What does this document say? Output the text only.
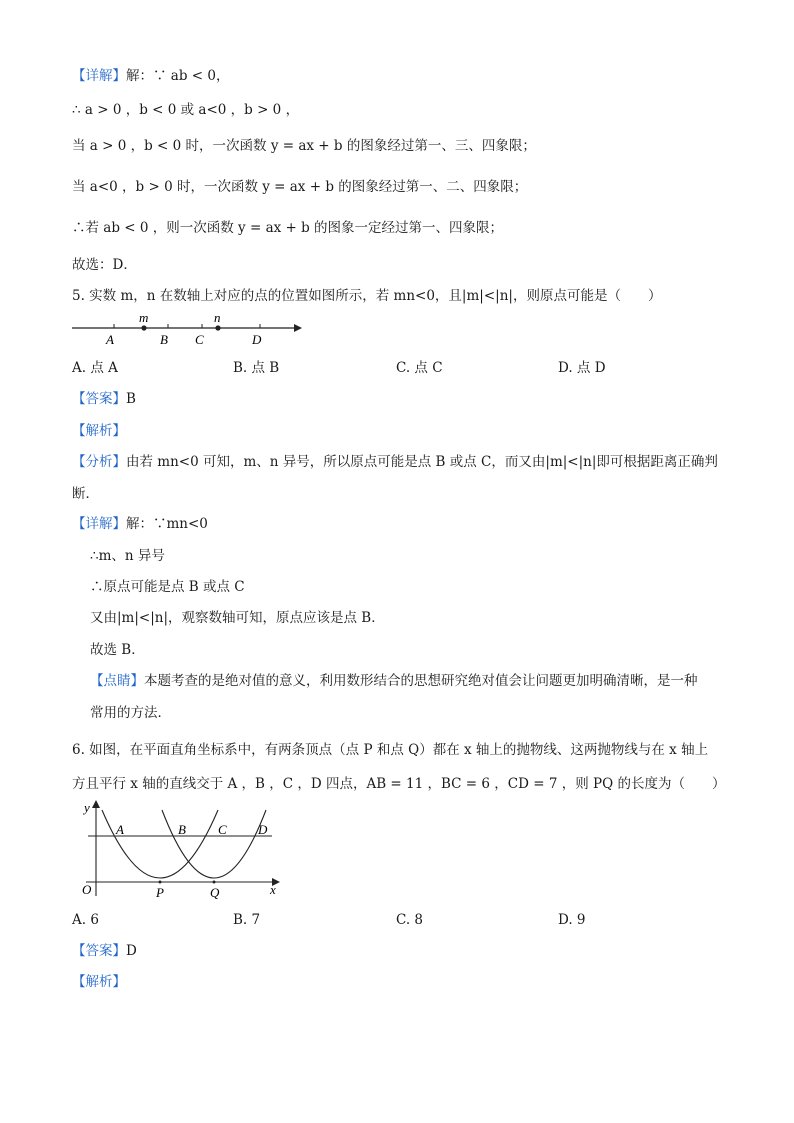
【详解】解：∵ ab < 0，
∴ a > 0 ，b < 0 或 a<0 ，b > 0 ，
当 a > 0 ，b < 0 时，一次函数 y = ax + b 的图象经过第一、三、四象限；
当 a<0 ，b > 0 时，一次函数 y = ax + b 的图象经过第一、二、四象限；
∴若 ab < 0 ，则一次函数 y = ax + b 的图象一定经过第一、四象限；
故选：D．
5. 实数 m，n 在数轴上对应的点的位置如图所示，若 mn<0，且|m|<|n|，则原点可能是（　　）
m	n
A	B C	D
A. 点 A	B. 点 B	C. 点 C	D. 点 D
【答案】B
【解析】
【分析】由若 mn<0 可知，m、n 异号，所以原点可能是点 B 或点 C，而又由|m|<|n|即可根据距离正确判
断．
【详解】解：∵mn<0
∴m、n 异号
∴原点可能是点 B 或点 C
又由|m|<|n|，观察数轴可知，原点应该是点 B．
故选 B．
【点睛】本题考查的是绝对值的意义，利用数形结合的思想研究绝对值会让问题更加明确清晰，是一种
常用的方法．
6. 如图，在平面直角坐标系中，有两条顶点（点 P 和点 Q）都在 x 轴上的抛物线、这两抛物线与在 x 轴上
方且平行 x 轴的直线交于 A ，B ，C ，D 四点，AB = 11 ，BC = 6 ，CD = 7 ，则 PQ 的长度为（　　）
y
x
O
A	B C D
P	Q
A. 6	B. 7	C. 8	D. 9
【答案】D
【解析】
